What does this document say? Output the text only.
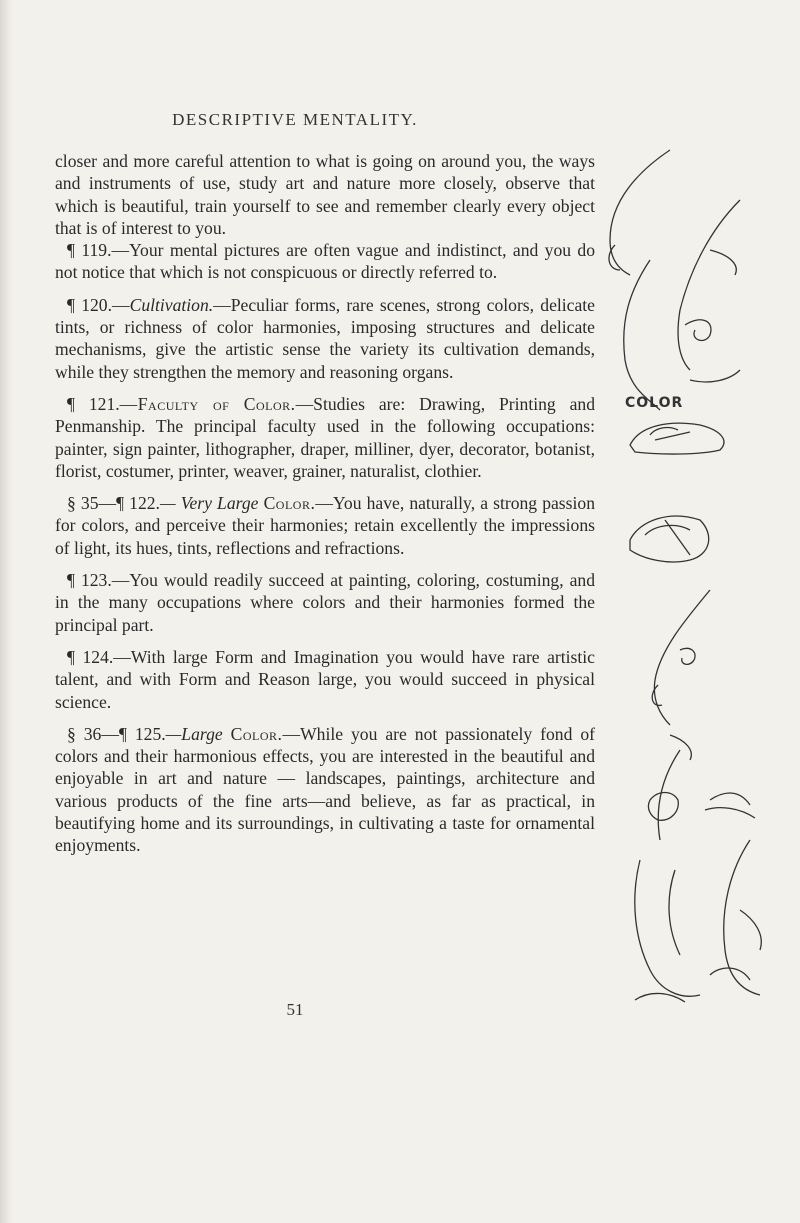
DESCRIPTIVE MENTALITY.

closer and more careful attention to what is going on around you, the ways and instruments of use, study art and nature more closely, observe that which is beautiful, train yourself to see and remember clearly every object that is of interest to you.

¶ 119.—Your mental pictures are often vague and indistinct, and you do not notice that which is not conspicuous or directly referred to.

¶ 120.—Cultivation.—Peculiar forms, rare scenes, strong colors, delicate tints, or richness of color harmonies, imposing structures and delicate mechanisms, give the artistic sense the variety its cultivation demands, while they strengthen the memory and reasoning organs.

¶ 121.—Faculty of Color.—Studies are: Drawing, Printing and Penmanship. The principal faculty used in the following occupations: painter, sign painter, lithographer, draper, milliner, dyer, decorator, botanist, florist, costumer, printer, weaver, grainer, naturalist, clothier.

§ 35—¶ 122.— Very Large Color.—You have, naturally, a strong passion for colors, and perceive their harmonies; retain excellently the impressions of light, its hues, tints, reflections and refractions.

¶ 123.—You would readily succeed at painting, coloring, costuming, and in the many occupations where colors and their harmonies formed the principal part.

¶ 124.—With large Form and Imagination you would have rare artistic talent, and with Form and Reason large, you would succeed in physical science.

§ 36—¶ 125.—Large Color.—While you are not passionately fond of colors and their harmonious effects, you are interested in the beautiful and enjoyable in art and nature — landscapes, paintings, architecture and various products of the fine arts—and believe, as far as practical, in beautifying home and its surroundings, in cultivating a taste for ornamental enjoyments.

COLOR
51
